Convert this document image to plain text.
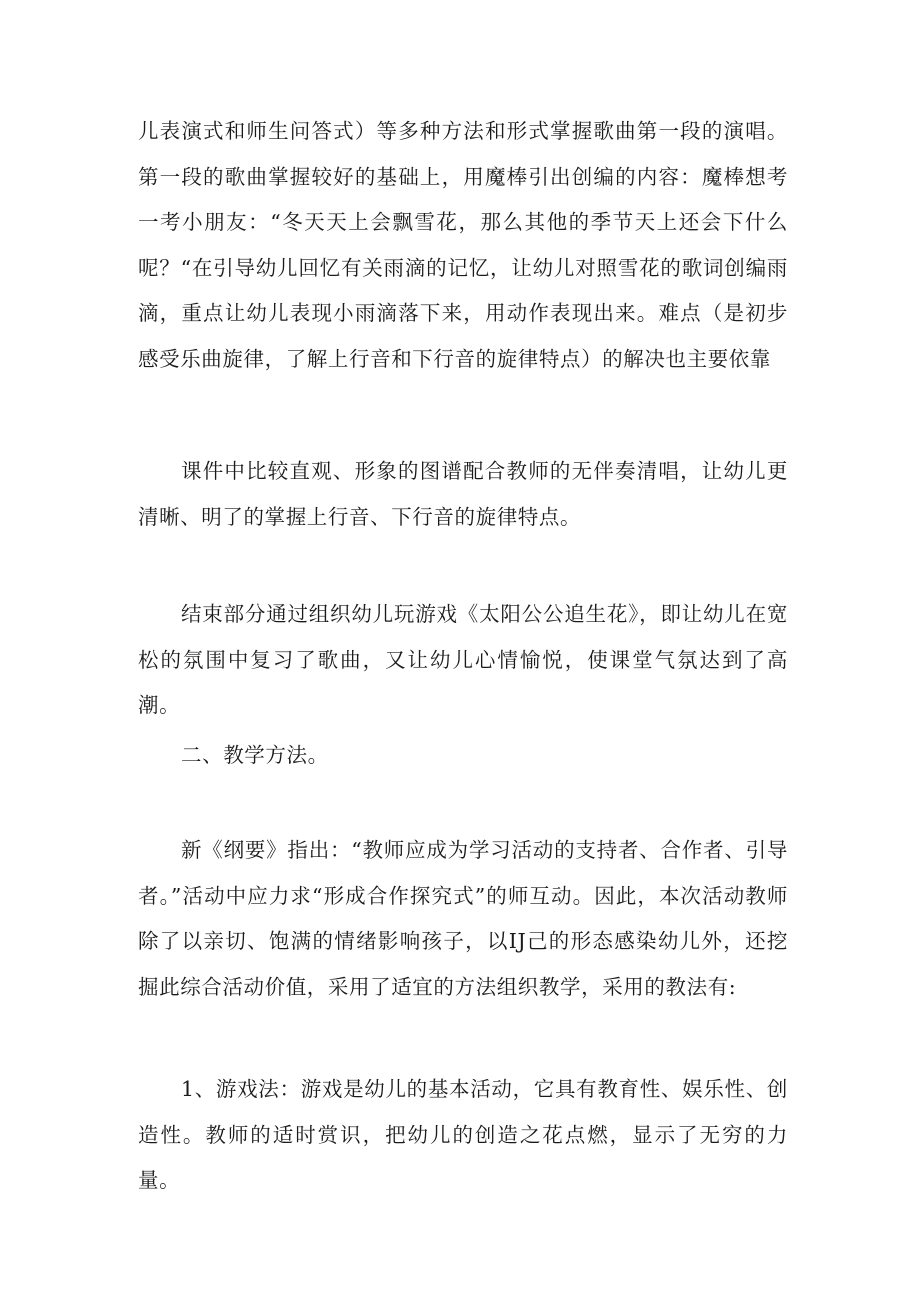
儿表演式和师生问答式）等多种方法和形式掌握歌曲第一段的演唱。第一段的歌曲掌握较好的基础上，用魔棒引出创编的内容：魔棒想考一考小朋友：“冬天天上会飘雪花，那么其他的季节天上还会下什么呢？“在引导幼儿回忆有关雨滴的记忆，让幼儿对照雪花的歌词创编雨滴，重点让幼儿表现小雨滴落下来，用动作表现出来。难点（是初步感受乐曲旋律，了解上行音和下行音的旋律特点）的解决也主要依靠

课件中比较直观、形象的图谱配合教师的无伴奏清唱，让幼儿更清晰、明了的掌握上行音、下行音的旋律特点。

结束部分通过组织幼儿玩游戏《太阳公公追生花》，即让幼儿在宽松的氛围中复习了歌曲，又让幼儿心情愉悦，使课堂气氛达到了高潮。

二、教学方法。

新《纲要》指出：“教师应成为学习活动的支持者、合作者、引导者。”活动中应力求“形成合作探究式”的师互动。因此，本次活动教师除了以亲切、饱满的情绪影响孩子，以IJ己的形态感染幼儿外，还挖掘此综合活动价值，采用了适宜的方法组织教学，采用的教法有:

1、游戏法：游戏是幼儿的基本活动，它具有教育性、娱乐性、创造性。教师的适时赏识，把幼儿的创造之花点燃，显示了无穷的力量。
